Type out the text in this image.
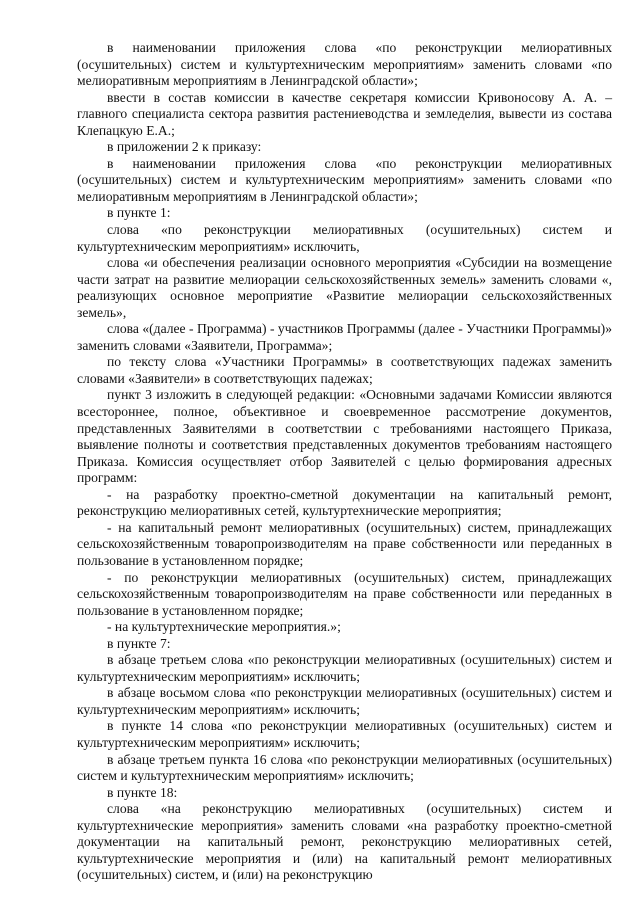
в наименовании приложения слова «по реконструкции мелиоративных (осушительных) систем и культуртехническим мероприятиям» заменить словами «по мелиоративным мероприятиям в Ленинградской области»;

ввести в состав комиссии в качестве секретаря комиссии Кривоносову А. А. – главного специалиста сектора развития растениеводства и земледелия, вывести из состава Клепацкую Е.А.;

в приложении 2 к приказу:

в наименовании приложения слова «по реконструкции мелиоративных (осушительных) систем и культуртехническим мероприятиям» заменить словами «по мелиоративным мероприятиям в Ленинградской области»;

в пункте 1:

слова «по реконструкции мелиоративных (осушительных) систем и культуртехническим мероприятиям» исключить,

слова «и обеспечения реализации основного мероприятия «Субсидии на возмещение части затрат на развитие мелиорации сельскохозяйственных земель» заменить словами «, реализующих основное мероприятие «Развитие мелиорации сельскохозяйственных земель»,

слова «(далее - Программа) - участников Программы (далее - Участники Программы)» заменить словами «Заявители, Программа»;

по тексту слова «Участники Программы» в соответствующих падежах заменить словами «Заявители» в соответствующих падежах;

пункт 3 изложить в следующей редакции: «Основными задачами Комиссии являются всестороннее, полное, объективное и своевременное рассмотрение документов, представленных Заявителями в соответствии с требованиями настоящего Приказа, выявление полноты и соответствия представленных документов требованиям настоящего Приказа. Комиссия осуществляет отбор Заявителей с целью формирования адресных программ:

- на разработку проектно-сметной документации на капитальный ремонт, реконструкцию мелиоративных сетей, культуртехнические мероприятия;

- на капитальный ремонт мелиоративных (осушительных) систем, принадлежащих сельскохозяйственным товаропроизводителям на праве собственности или переданных в пользование в установленном порядке;

- по реконструкции мелиоративных (осушительных) систем, принадлежащих сельскохозяйственным товаропроизводителям на праве собственности или переданных в пользование в установленном порядке;

- на культуртехнические мероприятия.»;

в пункте 7:

в абзаце третьем слова «по реконструкции мелиоративных (осушительных) систем и культуртехническим мероприятиям» исключить;

в абзаце восьмом слова «по реконструкции мелиоративных (осушительных) систем и культуртехническим мероприятиям» исключить;

в пункте 14 слова «по реконструкции мелиоративных (осушительных) систем и культуртехническим мероприятиям» исключить;

в абзаце третьем пункта 16 слова «по реконструкции мелиоративных (осушительных) систем и культуртехническим мероприятиям» исключить;

в пункте 18:

слова «на реконструкцию мелиоративных (осушительных) систем и культуртехнические мероприятия» заменить словами «на разработку проектно-сметной документации на капитальный ремонт, реконструкцию мелиоративных сетей, культуртехнические мероприятия и (или) на капитальный ремонт мелиоративных (осушительных) систем, и (или) на реконструкцию
